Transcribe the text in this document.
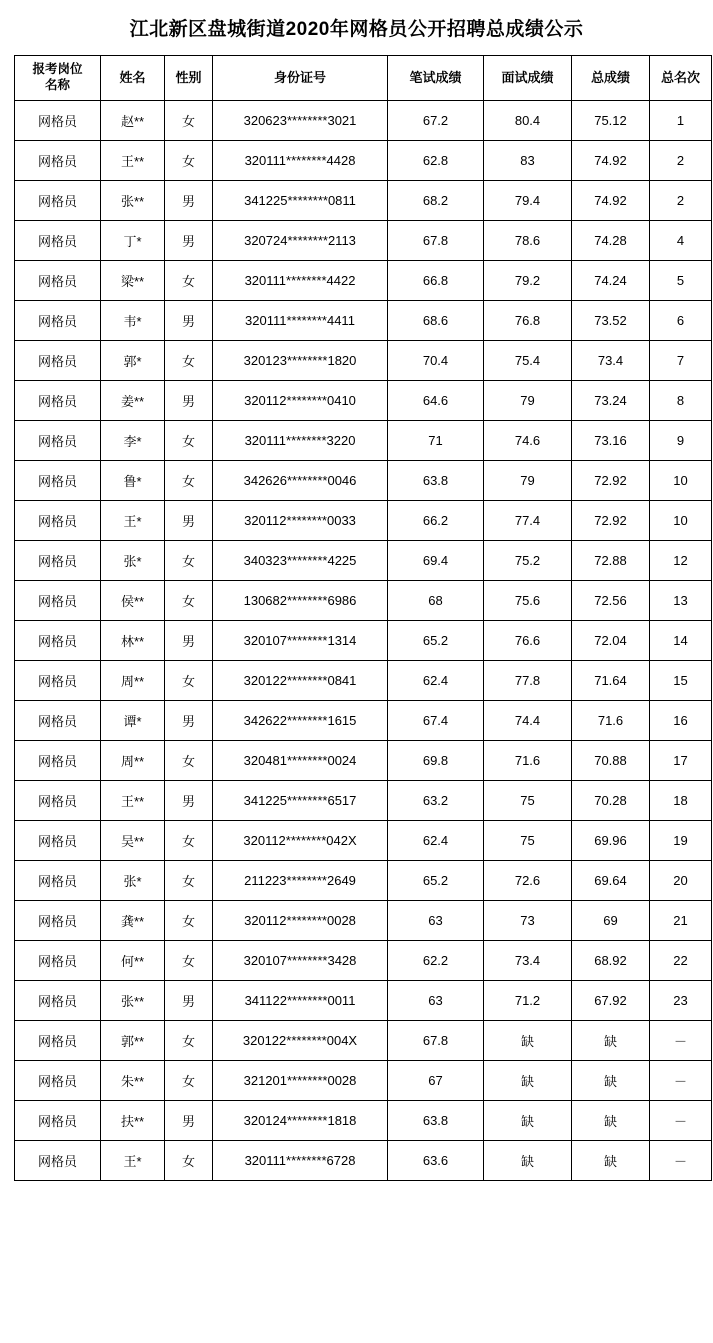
江北新区盘城街道2020年网格员公开招聘总成绩公示
报考岗位
名称	姓名	性别	身份证号	笔试成绩	面试成绩	总成绩	总名次
网格员	赵**	女	320623********3021	67.2	80.4	75.12	1
网格员	王**	女	320111********4428	62.8	83	74.92	2
网格员	张**	男	341225********0811	68.2	79.4	74.92	2
网格员	丁*	男	320724********2113	67.8	78.6	74.28	4
网格员	梁**	女	320111********4422	66.8	79.2	74.24	5
网格员	韦*	男	320111********4411	68.6	76.8	73.52	6
网格员	郭*	女	320123********1820	70.4	75.4	73.4	7
网格员	姜**	男	320112********0410	64.6	79	73.24	8
网格员	李*	女	320111********3220	71	74.6	73.16	9
网格员	鲁*	女	342626********0046	63.8	79	72.92	10
网格员	王*	男	320112********0033	66.2	77.4	72.92	10
网格员	张*	女	340323********4225	69.4	75.2	72.88	12
网格员	侯**	女	130682********6986	68	75.6	72.56	13
网格员	林**	男	320107********1314	65.2	76.6	72.04	14
网格员	周**	女	320122********0841	62.4	77.8	71.64	15
网格员	谭*	男	342622********1615	67.4	74.4	71.6	16
网格员	周**	女	320481********0024	69.8	71.6	70.88	17
网格员	王**	男	341225********6517	63.2	75	70.28	18
网格员	吴**	女	320112********042X	62.4	75	69.96	19
网格员	张*	女	211223********2649	65.2	72.6	69.64	20
网格员	龚**	女	320112********0028	63	73	69	21
网格员	何**	女	320107********3428	62.2	73.4	68.92	22
网格员	张**	男	341122********0011	63	71.2	67.92	23
网格员	郭**	女	320122********004X	67.8	缺	缺	－
网格员	朱**	女	321201********0028	67	缺	缺	－
网格员	扶**	男	320124********1818	63.8	缺	缺	－
网格员	王*	女	320111********6728	63.6	缺	缺	－
